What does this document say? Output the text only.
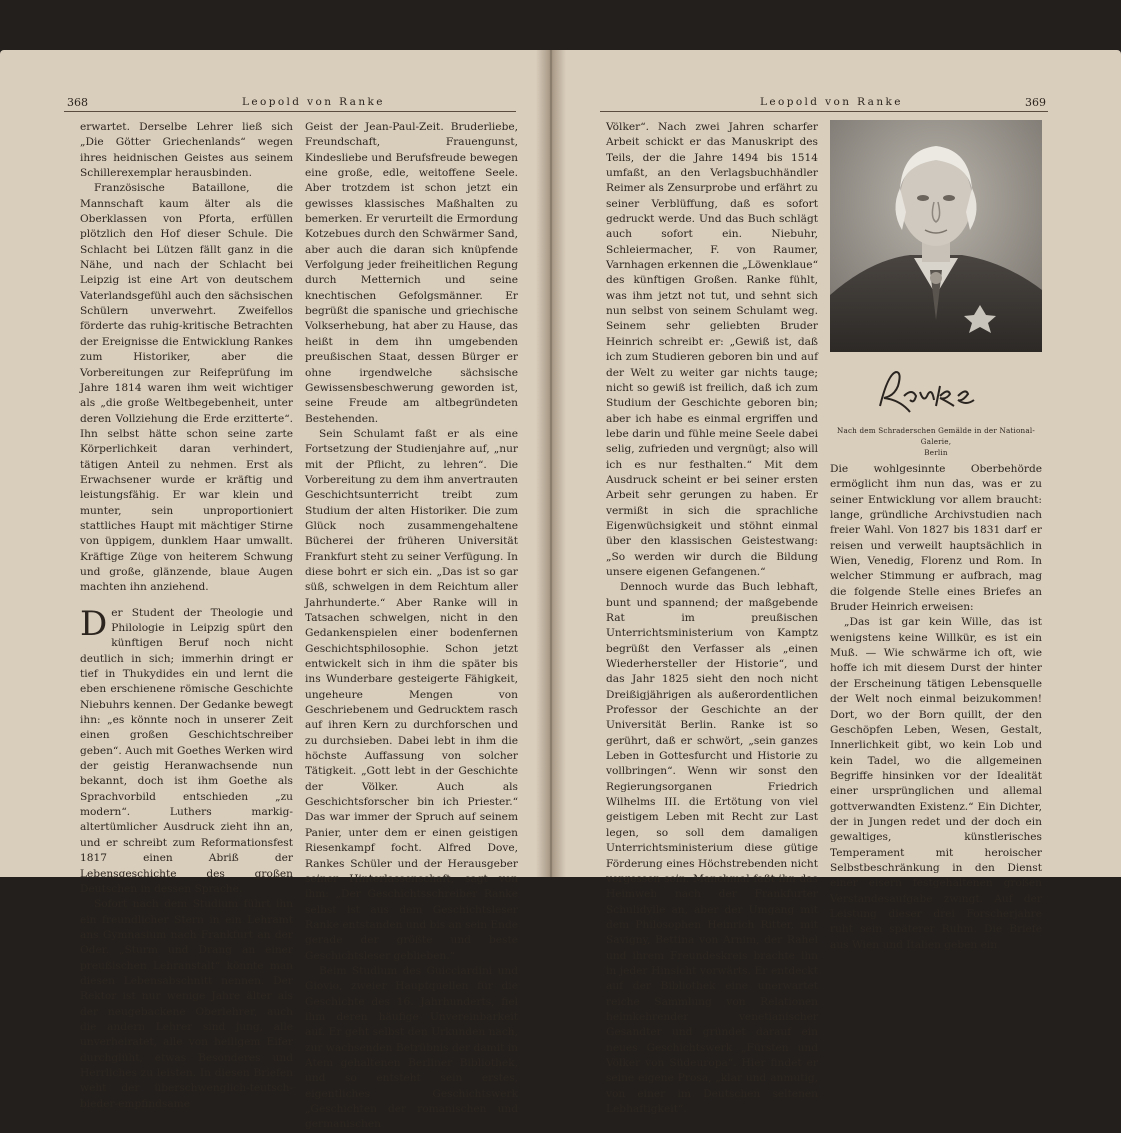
368	Leopold von Ranke

erwartet. Derselbe Lehrer ließ sich „Die Götter Griechenlands“ wegen ihres heidnischen Geistes aus seinem Schillerexemplar herausbinden.

Französische Bataillone, die Mannschaft kaum älter als die Oberklassen von Pforta, erfüllen plötzlich den Hof dieser Schule. Die Schlacht bei Lützen fällt ganz in die Nähe, und nach der Schlacht bei Leipzig ist eine Art von deutschem Vaterlandsgefühl auch den sächsischen Schülern unverwehrt. Zweifellos förderte das ruhig-kritische Betrachten der Ereignisse die Entwicklung Rankes zum Historiker, aber die Vorbereitungen zur Reifeprüfung im Jahre 1814 waren ihm weit wichtiger als „die große Weltbegebenheit, unter deren Vollziehung die Erde erzitterte“. Ihn selbst hätte schon seine zarte Körperlichkeit daran verhindert, tätigen Anteil zu nehmen. Erst als Erwachsener wurde er kräftig und leistungsfähig. Er war klein und munter, sein unproportioniert stattliches Haupt mit mächtiger Stirne von üppigem, dunklem Haar umwallt. Kräftige Züge von heiterem Schwung und große, glänzende, blaue Augen machten ihn anziehend.

Der Student der Theologie und Philologie in Leipzig spürt den künftigen Beruf noch nicht deutlich in sich; immerhin dringt er tief in Thukydides ein und lernt die eben erschienene römische Geschichte Niebuhrs kennen. Der Gedanke bewegt ihn: „es könnte noch in unserer Zeit einen großen Geschichtschreiber geben“. Auch mit Goethes Werken wird der geistig Heranwachsende nun bekannt, doch ist ihm Goethe als Sprachvorbild entschieden „zu modern“. Luthers markig-altertümlicher Ausdruck zieht ihn an, und er schreibt zum Reformationsfest 1817 einen Abriß der Lebensgeschichte des großen Deutschen in dessen Sprache.

Sofort nach dem Studium führt ihn ein freundlicher Stern in ein Lehramt ans Gymnasium nach Frankfurt an der Oder. „Sturm und Drang an einer preußischen Lehranstalt“ könnte man diesen Lebensabschnitt nennen. Der Rektor ist nur wenige Jahre älter als der neugebackene Oberlehrer, auch die andern Lehrer sind jung, alle unverheiratet, alle von heiligem Eifer durchglüht, etwas Besonderes und Herrliches zu leisten. In diesen Briefen weht der überschwenglich-teutsch-bieder-empfindsame

Geist der Jean-Paul-Zeit. Bruderliebe, Freundschaft, Frauengunst, Kindesliebe und Berufsfreude bewegen eine große, edle, weitoffene Seele. Aber trotzdem ist schon jetzt ein gewisses klassisches Maßhalten zu bemerken. Er verurteilt die Ermordung Kotzebues durch den Schwärmer Sand, aber auch die daran sich knüpfende Verfolgung jeder freiheitlichen Regung durch Metternich und seine knechtischen Gefolgsmänner. Er begrüßt die spanische und griechische Volkserhebung, hat aber zu Hause, das heißt in dem ihn umgebenden preußischen Staat, dessen Bürger er ohne irgendwelche sächsische Gewissensbeschwerung geworden ist, seine Freude am altbegründeten Bestehenden.

Sein Schulamt faßt er als eine Fortsetzung der Studienjahre auf, „nur mit der Pflicht, zu lehren“. Die Vorbereitung zu dem ihm anvertrauten Geschichtsunterricht treibt zum Studium der alten Historiker. Die zum Glück noch zusammengehaltene Bücherei der früheren Universität Frankfurt steht zu seiner Verfügung. In diese bohrt er sich ein. „Das ist so gar süß, schwelgen in dem Reichtum aller Jahrhunderte.“ Aber Ranke will in Tatsachen schwelgen, nicht in den Gedankenspielen einer bodenfernen Geschichtsphilosophie. Schon jetzt entwickelt sich in ihm die später bis ins Wunderbare gesteigerte Fähigkeit, ungeheure Mengen von Geschriebenem und Gedrucktem rasch auf ihren Kern zu durchforschen und zu durchsieben. Dabei lebt in ihm die höchste Auffassung von solcher Tätigkeit. „Gott lebt in der Geschichte der Völker. Auch als Geschichtsforscher bin ich Priester.“ Das war immer der Spruch auf seinem Panier, unter dem er einen geistigen Riesenkampf focht. Alfred Dove, Rankes Schüler und der Herausgeber seiner Hinterlassenschaft, sagt von ihm: „Der Geschichtsschreiber Ranke selbst ist aus dem Geschichtsleser Ranke entstanden und bis an sein Ende gerade der größte und beste Geschichtsleser geblieben.“

Beim Studium des Guicciardini und Giovio, zweier Hauptquellen für die Geschichte des 16. Jahrhunderts, fiel ihm deren häufige Unvereinbarkeit auf. Er geht selbst den Urkunden nach, zur wachsenden Betrübnis der damit in Atem gehaltenen Berliner Bibliothek, und so entsteht sein erstes, eigentliches Geschichtswerk „Geschichten der romanischen und germanischen

Leopold von Ranke	369

Völker“. Nach zwei Jahren scharfer Arbeit schickt er das Manuskript des Teils, der die Jahre 1494 bis 1514 umfaßt, an den Verlagsbuchhändler Reimer als Zensurprobe und erfährt zu seiner Verblüffung, daß es sofort gedruckt werde. Und das Buch schlägt auch sofort ein. Niebuhr, Schleiermacher, F. von Raumer, Varnhagen erkennen die „Löwenklaue“ des künftigen Großen. Ranke fühlt, was ihm jetzt not tut, und sehnt sich nun selbst von seinem Schulamt weg. Seinem sehr geliebten Bruder Heinrich schreibt er: „Gewiß ist, daß ich zum Studieren geboren bin und auf der Welt zu weiter gar nichts tauge; nicht so gewiß ist freilich, daß ich zum Studium der Geschichte geboren bin; aber ich habe es einmal ergriffen und lebe darin und fühle meine Seele dabei selig, zufrieden und vergnügt; also will ich es nur festhalten.“ Mit dem Ausdruck scheint er bei seiner ersten Arbeit sehr gerungen zu haben. Er vermißt in sich die sprachliche Eigenwüchsigkeit und stöhnt einmal über den klassischen Geistestwang: „So werden wir durch die Bildung unsere eigenen Gefangenen.“

Dennoch wurde das Buch lebhaft, bunt und spannend; der maßgebende Rat im preußischen Unterrichtsministerium von Kamptz begrüßt den Verfasser als „einen Wiederhersteller der Historie“, und das Jahr 1825 sieht den noch nicht Dreißigjährigen als außerordentlichen Professor der Geschichte an der Universität Berlin. Ranke ist so gerührt, daß er schwört, „sein ganzes Leben in Gottesfurcht und Historie zu vollbringen“. Wenn wir sonst den Regierungsorganen Friedrich Wilhelms III. die Ertötung von viel geistigem Leben mit Recht zur Last legen, so soll dem damaligen Unterrichtsministerium diese gütige Förderung eines Höchstrebenden nicht vergessen sein. Manchmal faßt ihn das Heimweh nach der Frankfurter Schulidylle an, aber der Umgang mit dem Philosophen Heinrich Ritter, mit Savigny, Bettina von Arnim, der Rahel und ihrem Freundeskreis brachte ihn in jeder Hinsicht vorwärts. Er entdeckt auf der Bibliothek eine unerwartet reiche Sammlung von Relationen heimkehrender venetianischer Gesandter und gründet darauf ein neues Geschichtswerk „Fürsten und Völker von Südeuropa“. Hier findet er seine eigene Prosa, „klar und anmutig, von einer im Deutschen seltenen Lebhaftigkeit“.

Nach dem Schraderschen Gemälde in der National-Galerie,
Berlin

Die wohlgesinnte Oberbehörde ermöglicht ihm nun das, was er zu seiner Entwicklung vor allem braucht: lange, gründliche Archivstudien nach freier Wahl. Von 1827 bis 1831 darf er reisen und verweilt hauptsächlich in Wien, Venedig, Florenz und Rom. In welcher Stimmung er aufbrach, mag die folgende Stelle eines Briefes an Bruder Heinrich erweisen:

„Das ist gar kein Wille, das ist wenigstens keine Willkür, es ist ein Muß. — Wie schwärme ich oft, wie hoffe ich mit diesem Durst der hinter der Erscheinung tätigen Lebensquelle der Welt noch einmal beizukommen! Dort, wo der Born quillt, der den Geschöpfen Leben, Wesen, Gestalt, Innerlichkeit gibt, wo kein Lob und kein Tadel, wo die allgemeinen Begriffe hinsinken vor der Idealität einer ursprünglichen und allemal gottverwandten Existenz.“ Ein Dichter, der in Jungen redet und der doch ein gewaltiges, künstlerisches Temperament mit heroischer Selbstbeschränkung in den Dienst einer eisern festgehaltenen großen Verstandesaufgabe zwingt. Auf der Leistung dieser drei Forscherjahre ruht sein späterer Ruhm. Die Briefe aus Wien und Italien geben ein
